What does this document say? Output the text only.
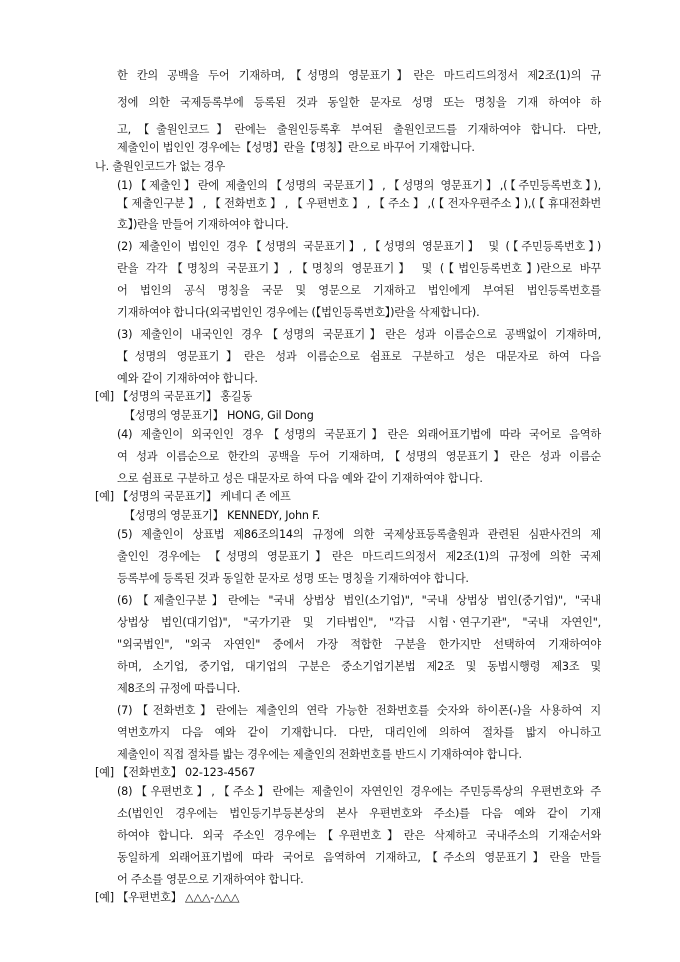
한 칸의 공백을 두어 기재하며,【성명의 영문표기】란은 마드리드의정서 제2조(1)의 규
정에 의한 국제등록부에 등록된 것과 동일한 문자로 성명 또는 명칭을 기재 하여야 하
고,【출원인코드】란에는 출원인등록후 부여된 출원인코드를 기재하여야 합니다. 다만,
제출인이 법인인 경우에는【성명】란을【명칭】란으로 바꾸어 기재합니다.
나. 출원인코드가 없는 경우
(1)【제출인】란에 제출인의【성명의 국문표기】,【성명의 영문표기】,(【주민등록번호】),
【제출인구분】,【전화번호】,【우편번호】,【주소】,(【전자우편주소】),(【휴대전화번
호】)란을 만들어 기재하여야 합니다.
(2) 제출인이 법인인 경우【성명의 국문표기】,【성명의 영문표기】 및 (【주민등록번호】)
란을 각각【명칭의 국문표기】,【명칭의 영문표기】 및 (【법인등록번호】)란으로 바꾸
어 법인의 공식 명칭을 국문 및 영문으로 기재하고 법인에게 부여된 법인등록번호를
기재하여야 합니다(외국법인인 경우에는 (【법인등록번호】)란을 삭제합니다).
(3) 제출인이 내국인인 경우【성명의 국문표기】란은 성과 이름순으로 공백없이 기재하며,
【성명의 영문표기】란은 성과 이름순으로 쉼표로 구분하고 성은 대문자로 하여 다음
예와 같이 기재하여야 합니다.
[예] 【성명의 국문표기】 홍길동
【성명의 영문표기】 HONG, Gil Dong
(4) 제출인이 외국인인 경우【성명의 국문표기】란은 외래어표기법에 따라 국어로 음역하
여 성과 이름순으로 한칸의 공백을 두어 기재하며,【성명의 영문표기】란은 성과 이름순
으로 쉼표로 구분하고 성은 대문자로 하여 다음 예와 같이 기재하여야 합니다.
[예] 【성명의 국문표기】 케네디 존 에프
【성명의 영문표기】 KENNEDY, John F.
(5) 제출인이 상표법 제86조의14의 규정에 의한 국제상표등록출원과 관련된 심판사건의 제
출인인 경우에는 【성명의 영문표기】란은 마드리드의정서 제2조(1)의 규정에 의한 국제
등록부에 등록된 것과 동일한 문자로 성명 또는 명칭을 기재하여야 합니다.
(6)【제출인구분】란에는 "국내 상법상 법인(소기업)", "국내 상법상 법인(중기업)", "국내
상법상 법인(대기업)", "국가기관 및 기타법인", "각급 시험ㆍ연구기관", "국내 자연인",
"외국법인", "외국 자연인" 중에서 가장 적합한 구분을 한가지만 선택하여 기재하여야
하며, 소기업, 중기업, 대기업의 구분은 중소기업기본법 제2조 및 동법시행령 제3조 및
제8조의 규정에 따릅니다.
(7)【전화번호】란에는 제출인의 연락 가능한 전화번호를 숫자와 하이폰(-)을 사용하여 지
역번호까지 다음 예와 같이 기재합니다. 다만, 대리인에 의하여 절차를 밟지 아니하고
제출인이 직접 절차를 밟는 경우에는 제출인의 전화번호를 반드시 기재하여야 합니다.
[예] 【전화번호】 02-123-4567
(8)【우편번호】,【주소】란에는 제출인이 자연인인 경우에는 주민등록상의 우편번호와 주
소(법인인 경우에는 법인등기부등본상의 본사 우편번호와 주소)를 다음 예와 같이 기재
하여야 합니다. 외국 주소인 경우에는【우편번호】란은 삭제하고 국내주소의 기재순서와
동일하게 외래어표기법에 따라 국어로 음역하여 기재하고,【주소의 영문표기】란을 만들
어 주소를 영문으로 기재하여야 합니다.
[예] 【우편번호】 △△△-△△△
